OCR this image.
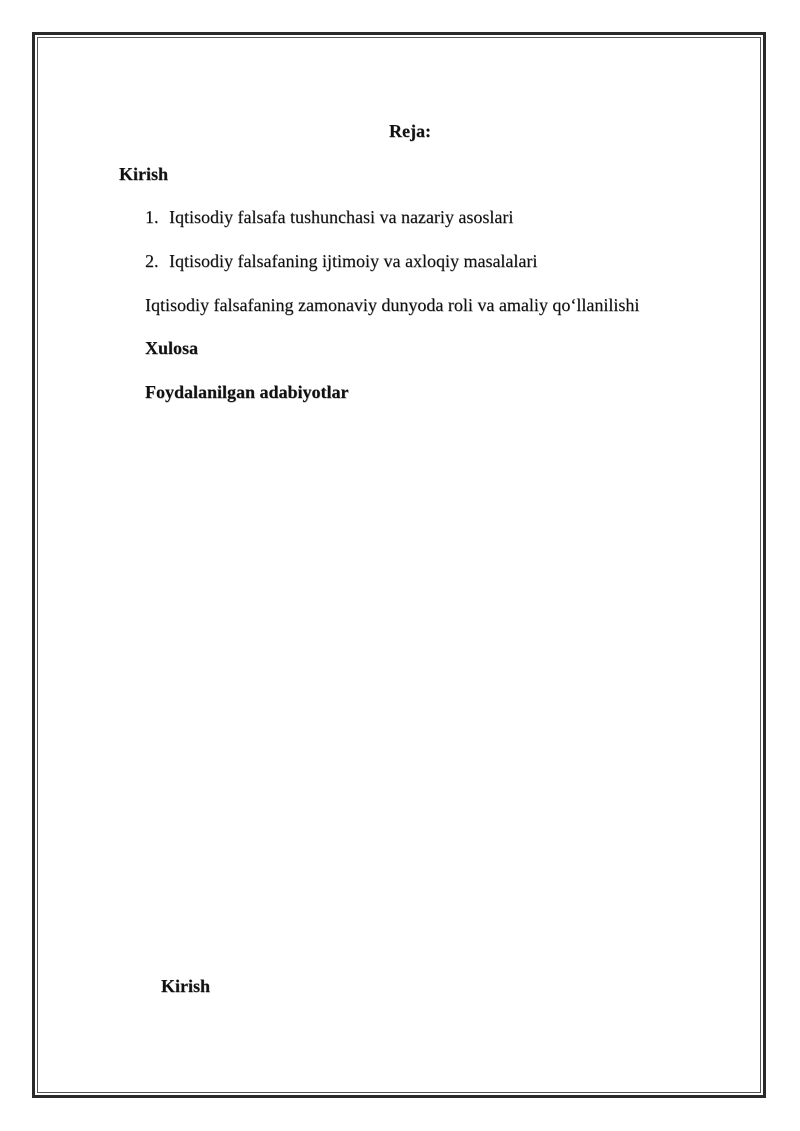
Reja:
Kirish
1. Iqtisodiy falsafa tushunchasi va nazariy asoslari
2. Iqtisodiy falsafaning ijtimoiy va axloqiy masalalari
Iqtisodiy falsafaning zamonaviy dunyoda roli va amaliy qo‘llanilishi
Xulosa
Foydalanilgan adabiyotlar
Kirish
